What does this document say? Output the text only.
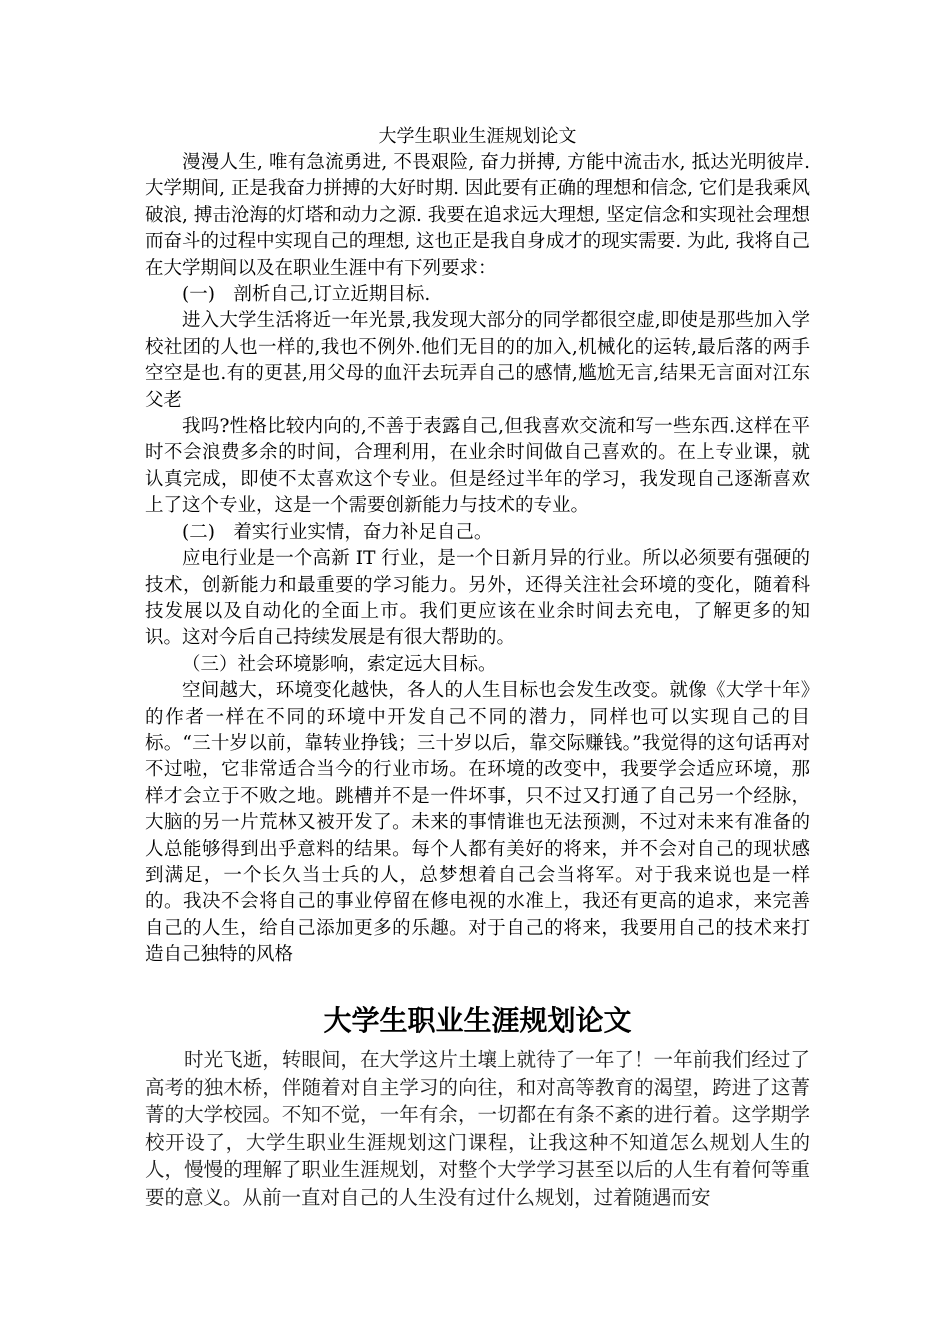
大学生职业生涯规划论文

漫漫人生, 唯有急流勇进, 不畏艰险, 奋力拼搏, 方能中流击水, 抵达光明彼岸. 大学期间, 正是我奋力拼搏的大好时期. 因此要有正确的理想和信念, 它们是我乘风破浪, 搏击沧海的灯塔和动力之源. 我要在追求远大理想, 坚定信念和实现社会理想而奋斗的过程中实现自己的理想, 这也正是我自身成才的现实需要. 为此, 我将自己在大学期间以及在职业生涯中有下列要求：

(一)　剖析自己,订立近期目标.

进入大学生活将近一年光景,我发现大部分的同学都很空虚,即使是那些加入学校社团的人也一样的,我也不例外.他们无目的的加入,机械化的运转,最后落的两手空空是也.有的更甚,用父母的血汗去玩弄自己的感情,尴尬无言,结果无言面对江东父老

我吗?性格比较内向的,不善于表露自己,但我喜欢交流和写一些东西.这样在平时不会浪费多余的时间，合理利用，在业余时间做自己喜欢的。在上专业课，就认真完成，即使不太喜欢这个专业。但是经过半年的学习，我发现自己逐渐喜欢上了这个专业，这是一个需要创新能力与技术的专业。

(二)　着实行业实情，奋力补足自己。

应电行业是一个高新 IT 行业，是一个日新月异的行业。所以必须要有强硬的技术，创新能力和最重要的学习能力。另外，还得关注社会环境的变化，随着科技发展以及自动化的全面上市。我们更应该在业余时间去充电，了解更多的知识。这对今后自己持续发展是有很大帮助的。

（三）社会环境影响，索定远大目标。

空间越大，环境变化越快，各人的人生目标也会发生改变。就像《大学十年》的作者一样在不同的环境中开发自己不同的潜力，同样也可以实现自己的目标。“三十岁以前，靠转业挣钱；三十岁以后，靠交际赚钱。”我觉得的这句话再对不过啦，它非常适合当今的行业市场。在环境的改变中，我要学会适应环境，那样才会立于不败之地。跳槽并不是一件坏事，只不过又打通了自己另一个经脉，大脑的另一片荒林又被开发了。未来的事情谁也无法预测，不过对未来有准备的人总能够得到出乎意料的结果。每个人都有美好的将来，并不会对自己的现状感到满足，一个长久当士兵的人，总梦想着自己会当将军。对于我来说也是一样的。我决不会将自己的事业停留在修电视的水准上，我还有更高的追求，来完善自己的人生，给自己添加更多的乐趣。对于自己的将来，我要用自己的技术来打造自己独特的风格

大学生职业生涯规划论文

时光飞逝，转眼间，在大学这片土壤上就待了一年了！一年前我们经过了高考的独木桥，伴随着对自主学习的向往，和对高等教育的渴望，跨进了这菁菁的大学校园。不知不觉，一年有余，一切都在有条不紊的进行着。这学期学校开设了，大学生职业生涯规划这门课程，让我这种不知道怎么规划人生的人，慢慢的理解了职业生涯规划，对整个大学学习甚至以后的人生有着何等重要的意义。从前一直对自己的人生没有过什么规划，过着随遇而安
